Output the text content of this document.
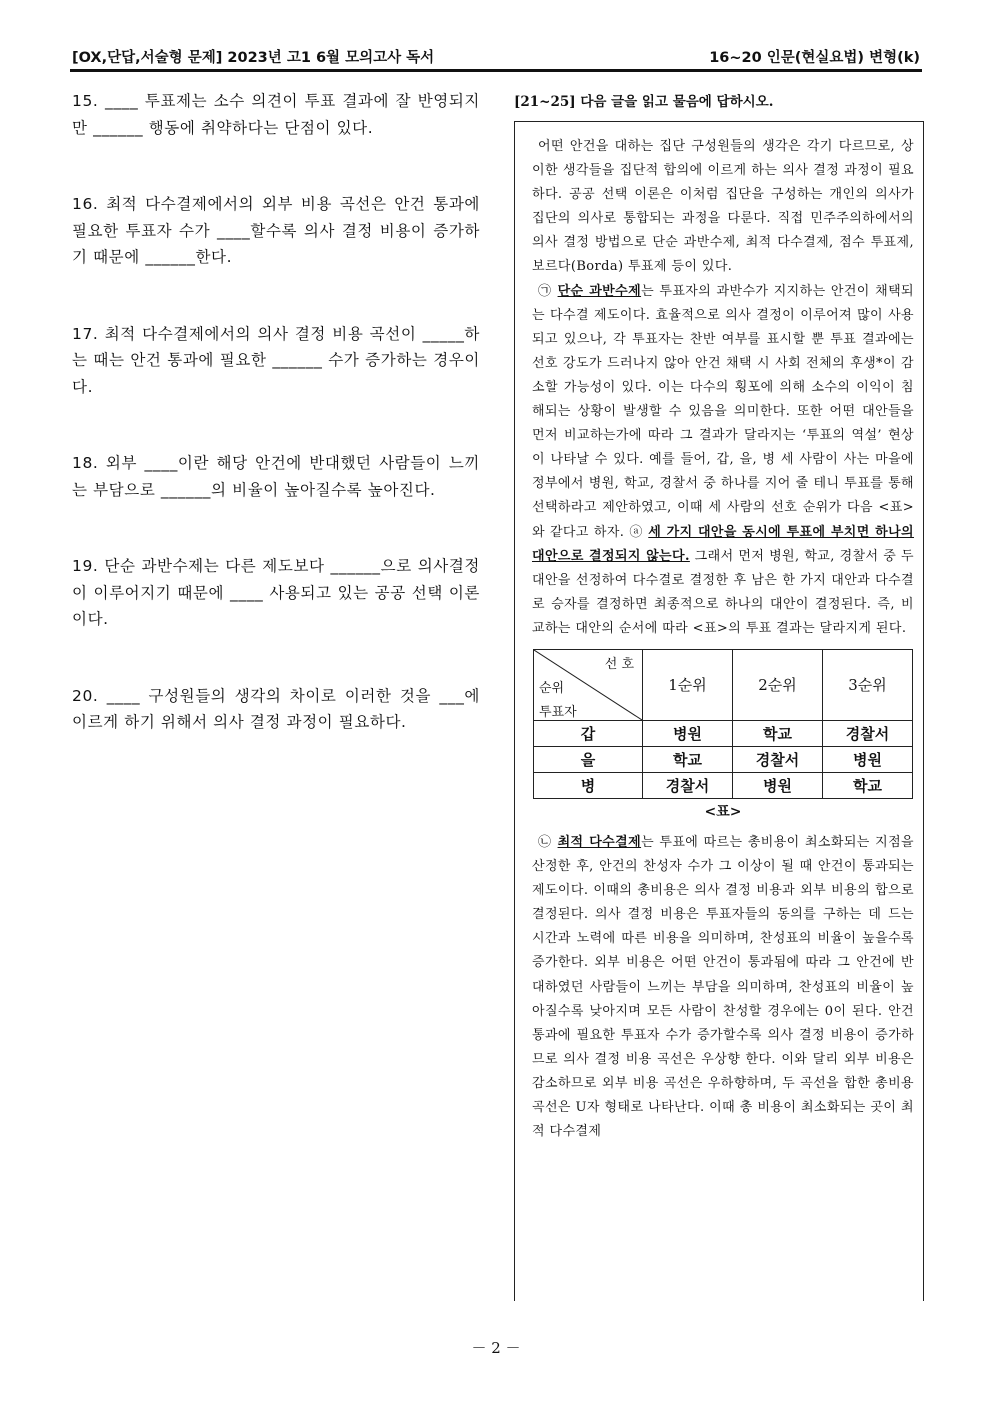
[OX,단답,서술형 문제] 2023년 고1 6월 모의고사 독서	16~20 인문(현실요법) 변형(k)

15. ____ 투표제는 소수 의견이 투표 결과에 잘 반영되지만 ______ 행동에 취약하다는 단점이 있다.

16. 최적 다수결제에서의 외부 비용 곡선은 안건 통과에 필요한 투표자 수가 ____할수록 의사 결정 비용이 증가하기 때문에 ______한다.

17. 최적 다수결제에서의 의사 결정 비용 곡선이 _____하는 때는 안건 통과에 필요한 ______ 수가 증가하는 경우이다.

18. 외부 ____이란 해당 안건에 반대했던 사람들이 느끼는 부담으로 ______의 비율이 높아질수록 높아진다.

19. 단순 과반수제는 다른 제도보다 ______으로 의사결정이 이루어지기 때문에 ____ 사용되고 있는 공공 선택 이론이다.

20. ____ 구성원들의 생각의 차이로 이러한 것을 ___에 이르게 하기 위해서 의사 결정 과정이 필요하다.

[21~25] 다음 글을 읽고 물음에 답하시오.

어떤 안건을 대하는 집단 구성원들의 생각은 각기 다르므로, 상이한 생각들을 집단적 합의에 이르게 하는 의사 결정 과정이 필요하다. 공공 선택 이론은 이처럼 집단을 구성하는 개인의 의사가 집단의 의사로 통합되는 과정을 다룬다. 직접 민주주의하에서의 의사 결정 방법으로 단순 과반수제, 최적 다수결제, 점수 투표제, 보르다(Borda) 투표제 등이 있다.

㉠ 단순 과반수제는 투표자의 과반수가 지지하는 안건이 채택되는 다수결 제도이다. 효율적으로 의사 결정이 이루어져 많이 사용되고 있으나, 각 투표자는 찬반 여부를 표시할 뿐 투표 결과에는 선호 강도가 드러나지 않아 안건 채택 시 사회 전체의 후생*이 감소할 가능성이 있다. 이는 다수의 횡포에 의해 소수의 이익이 침해되는 상황이 발생할 수 있음을 의미한다. 또한 어떤 대안들을 먼저 비교하는가에 따라 그 결과가 달라지는 ‘투표의 역설’ 현상이 나타날 수 있다. 예를 들어, 갑, 을, 병 세 사람이 사는 마을에 정부에서 병원, 학교, 경찰서 중 하나를 지어 줄 테니 투표를 통해 선택하라고 제안하였고, 이때 세 사람의 선호 순위가 다음 <표>와 같다고 하자. ⓐ 세 가지 대안을 동시에 투표에 부치면 하나의 대안으로 결정되지 않는다. 그래서 먼저 병원, 학교, 경찰서 중 두 대안을 선정하여 다수결로 결정한 후 남은 한 가지 대안과 다수결로 승자를 결정하면 최종적으로 하나의 대안이 결정된다. 즉, 비교하는 대안의 순서에 따라 <표>의 투표 결과는 달라지게 된다.

선 호
순위
투표자	1순위	2순위	3순위
갑	병원	학교	경찰서
을	학교	경찰서	병원
병	경찰서	병원	학교
<표>

㉡ 최적 다수결제는 투표에 따르는 총비용이 최소화되는 지점을 산정한 후, 안건의 찬성자 수가 그 이상이 될 때 안건이 통과되는 제도이다. 이때의 총비용은 의사 결정 비용과 외부 비용의 합으로 결정된다. 의사 결정 비용은 투표자들의 동의를 구하는 데 드는 시간과 노력에 따른 비용을 의미하며, 찬성표의 비율이 높을수록 증가한다. 외부 비용은 어떤 안건이 통과됨에 따라 그 안건에 반대하였던 사람들이 느끼는 부담을 의미하며, 찬성표의 비율이 높아질수록 낮아지며 모든 사람이 찬성할 경우에는 0이 된다. 안건 통과에 필요한 투표자 수가 증가할수록 의사 결정 비용이 증가하므로 의사 결정 비용 곡선은 우상향 한다. 이와 달리 외부 비용은 감소하므로 외부 비용 곡선은 우하향하며, 두 곡선을 합한 총비용 곡선은 U자 형태로 나타난다. 이때 총 비용이 최소화되는 곳이 최적 다수결제

－ 2 －
